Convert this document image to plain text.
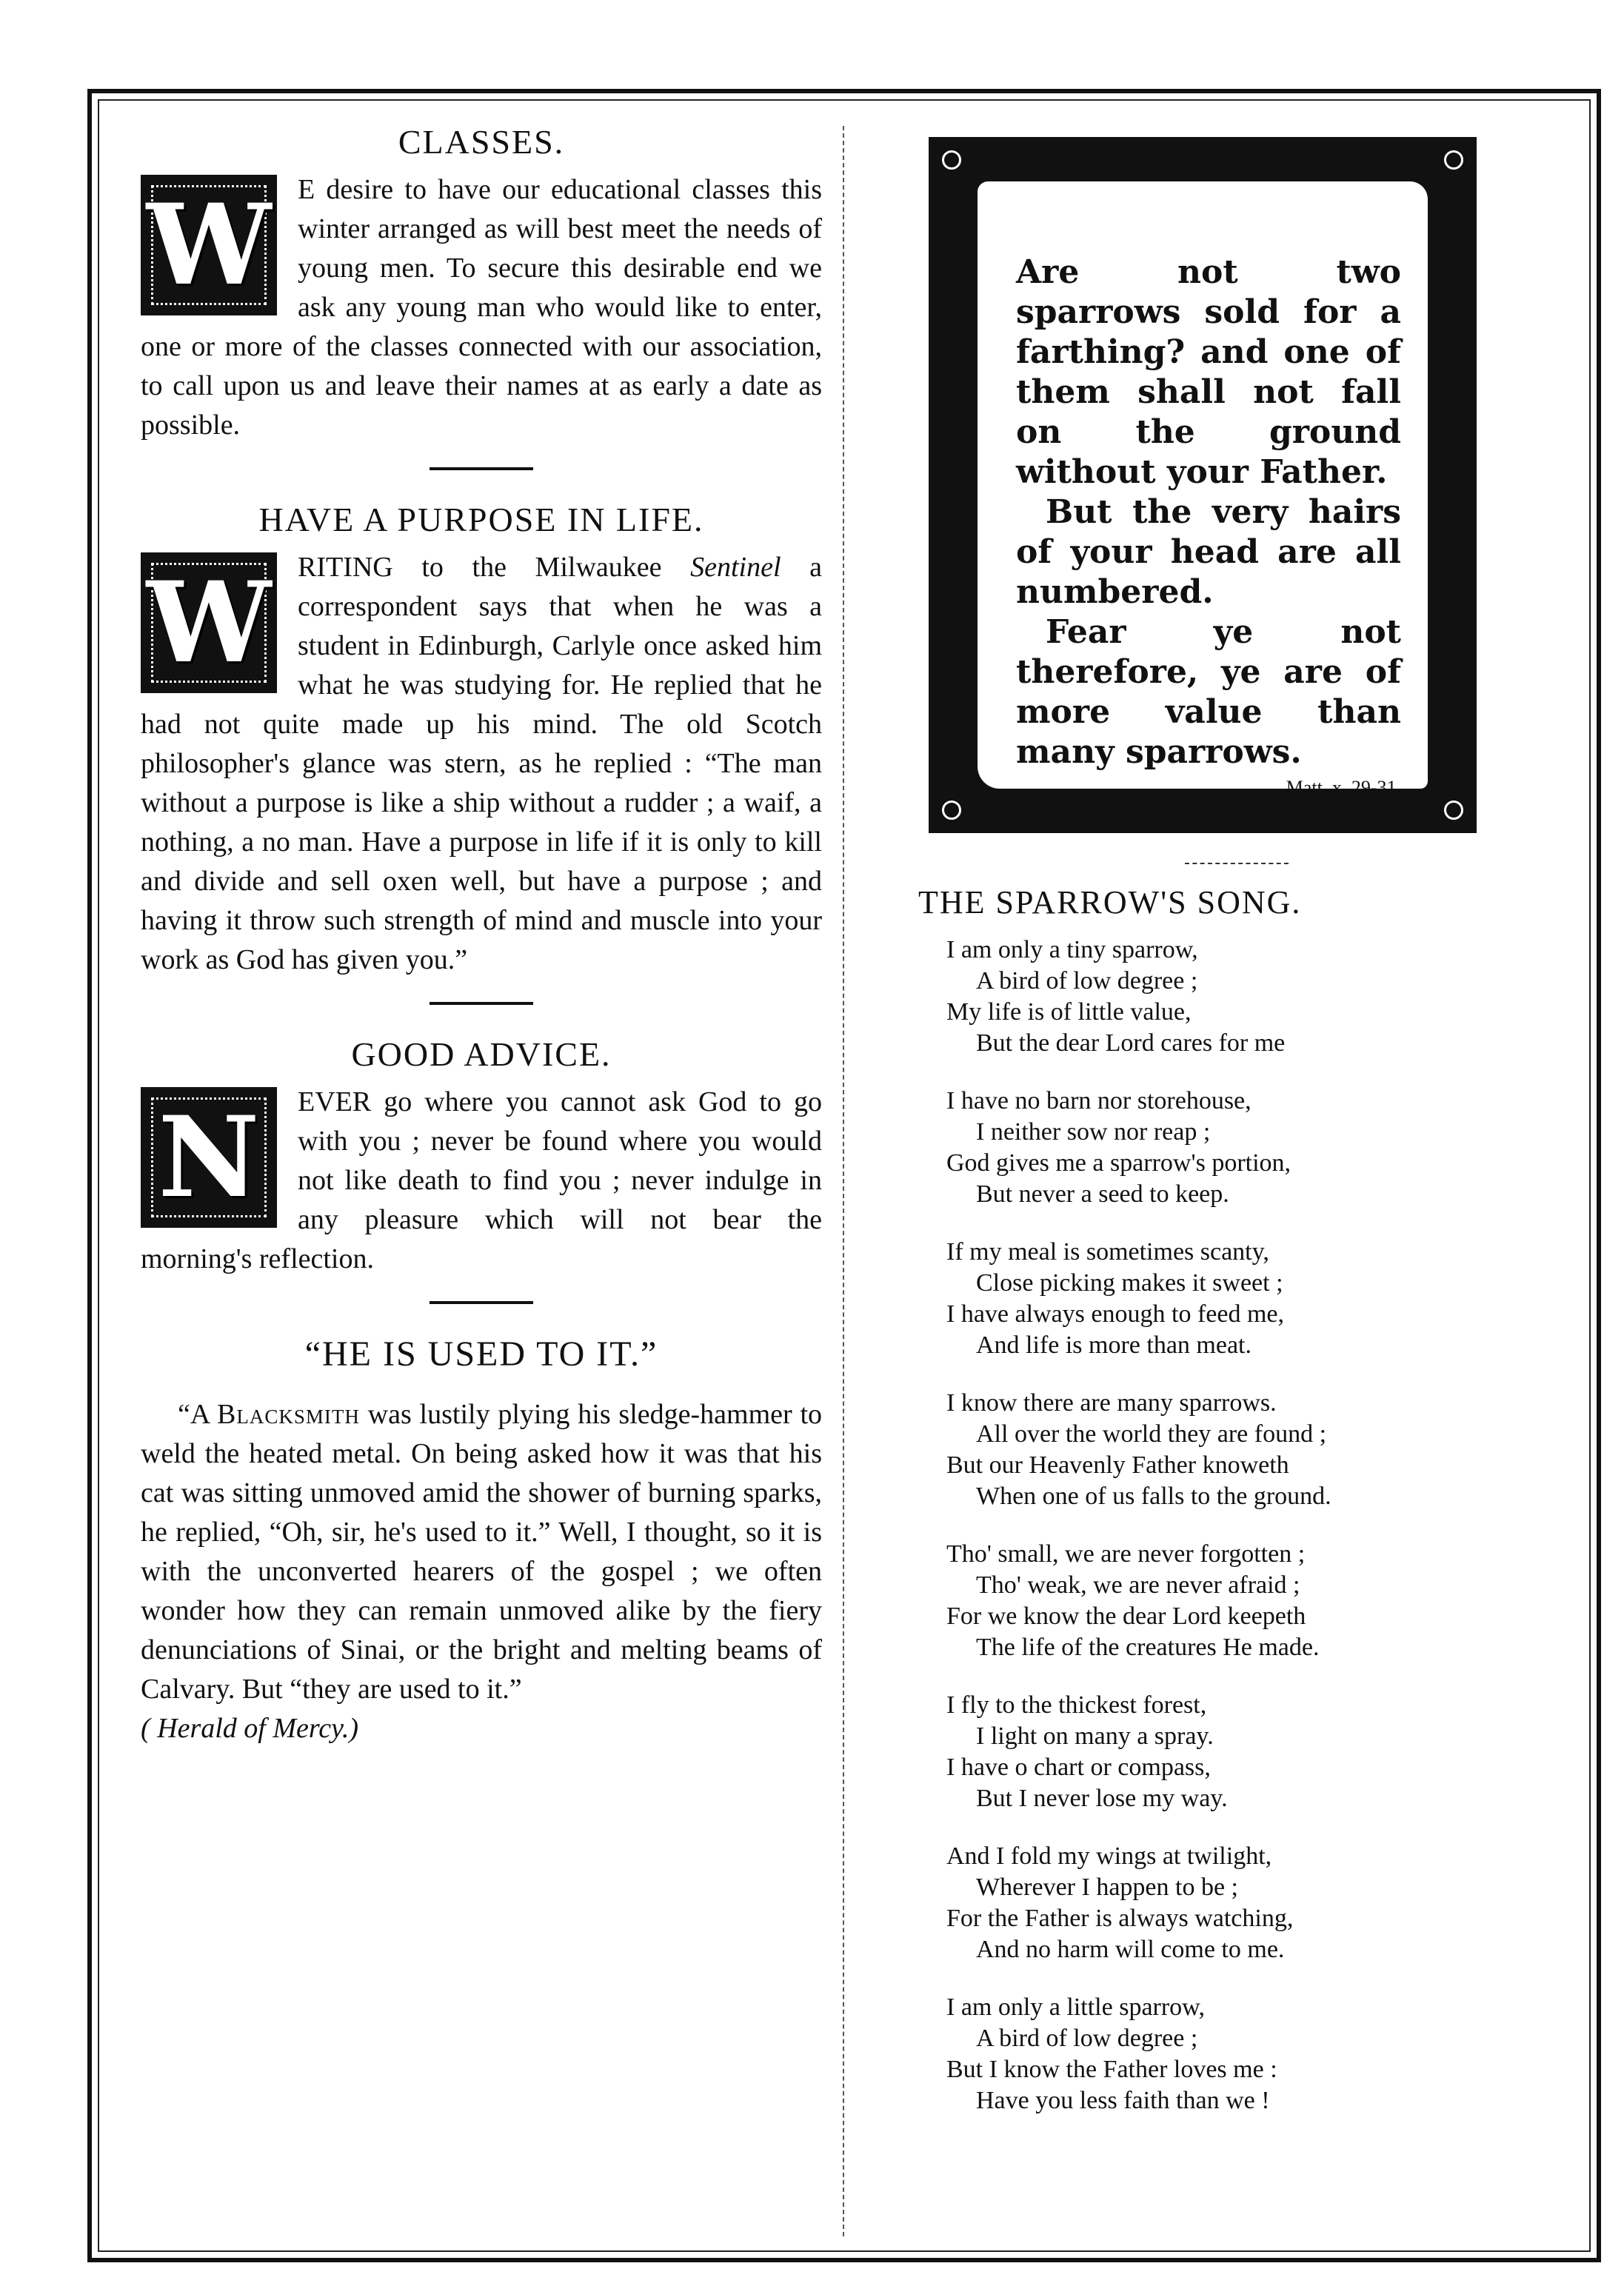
CLASSES.

W E desire to have our educational classes this winter arranged as will best meet the needs of young men. To secure this desirable end we ask any young man who would like to enter, one or more of the classes connected with our association, to call upon us and leave their names at as early a date as possible.

HAVE A PURPOSE IN LIFE.

W RITING to the Milwaukee Sentinel a correspondent says that when he was a student in Edinburgh, Carlyle once asked him what he was studying for. He replied that he had not quite made up his mind. The old Scotch philosopher's glance was stern, as he replied : “The man without a purpose is like a ship without a rudder ; a waif, a nothing, a no man. Have a purpose in life if it is only to kill and divide and sell oxen well, but have a purpose ; and having it throw such strength of mind and muscle into your work as God has given you.”

GOOD ADVICE.

N EVER go where you cannot ask God to go with you ; never be found where you would not like death to find you ; never indulge in any pleasure which will not bear the morning's reflection.

“HE IS USED TO IT.”

“A Blacksmith was lustily plying his sledge-hammer to weld the heated metal. On being asked how it was that his cat was sitting unmoved amid the shower of burning sparks, he replied, “Oh, sir, he's used to it.” Well, I thought, so it is with the unconverted hearers of the gospel ; we often wonder how they can remain unmoved alike by the fiery denunciations of Sinai, or the bright and melting beams of Calvary. But “they are used to it.”

( Herald of Mercy.)

Are not two sparrows sold for a farthing? and one of them shall not fall on the ground without your Father.

But the very hairs of your head are all numbered.

Fear ye not therefore, ye are of more value than many sparrows.

Matt. x. 29-31.
THE SPARROW'S SONG.
I am only a tiny sparrow,
A bird of low degree ;
My life is of little value,
But the dear Lord cares for me
I have no barn nor storehouse,
I neither sow nor reap ;
God gives me a sparrow's portion,
But never a seed to keep.
If my meal is sometimes scanty,
Close picking makes it sweet ;
I have always enough to feed me,
And life is more than meat.
I know there are many sparrows.
All over the world they are found ;
But our Heavenly Father knoweth
When one of us falls to the ground.
Tho' small, we are never forgotten ;
Tho' weak, we are never afraid ;
For we know the dear Lord keepeth
The life of the creatures He made.
I fly to the thickest forest,
I light on many a spray.
I have o chart or compass,
But I never lose my way.
And I fold my wings at twilight,
Wherever I happen to be ;
For the Father is always watching,
And no harm will come to me.
I am only a little sparrow,
A bird of low degree ;
But I know the Father loves me :
Have you less faith than we !
